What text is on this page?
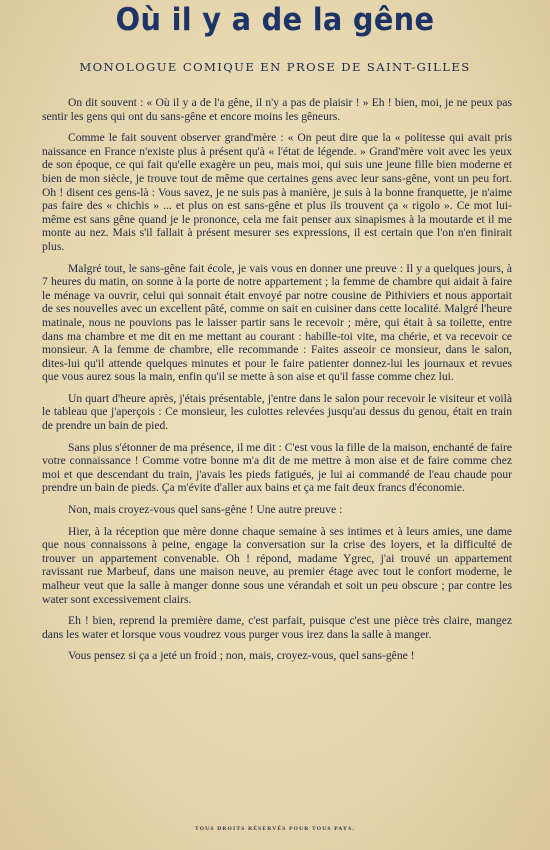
Où il y a de la gêne
MONOLOGUE COMIQUE EN PROSE DE SAINT-GILLES

On dit souvent : « Où il y a de l'a gêne, il n'y a pas de plaisir ! » Eh ! bien, moi, je ne peux pas sentir les gens qui ont du sans-gêne et encore moins les gêneurs.

Comme le fait souvent observer grand'mère : « On peut dire que la « politesse qui avait pris naissance en France n'existe plus à présent qu'à « l'état de légende. » Grand'mère voit avec les yeux de son époque, ce qui fait qu'elle exagère un peu, mais moi, qui suis une jeune fille bien moderne et bien de mon siècle, je trouve tout de même que certaines gens avec leur sans-gêne, vont un peu fort. Oh ! disent ces gens-là : Vous savez, je ne suis pas à manière, je suis à la bonne franquette, je n'aime pas faire des « chichis » ... et plus on est sans-gêne et plus ils trouvent ça « rigolo ». Ce mot lui-même est sans gêne quand je le prononce, cela me fait penser aux sinapismes à la moutarde et il me monte au nez. Mais s'il fallait à présent mesurer ses expressions, il est certain que l'on n'en finirait plus.

Malgré tout, le sans-gêne fait école, je vais vous en donner une preuve : Il y a quelques jours, à 7 heures du matin, on sonne à la porte de notre appartement ; la femme de chambre qui aidait à faire le ménage va ouvrir, celui qui sonnait était envoyé par notre cousine de Pithiviers et nous apportait de ses nouvelles avec un excellent pâté, comme on sait en cuisiner dans cette localité. Malgré l'heure matinale, nous ne pouvions pas le laisser partir sans le recevoir ; mère, qui était à sa toilette, entre dans ma chambre et me dit en me mettant au courant : habille-toi vite, ma chérie, et va recevoir ce monsieur. A la femme de chambre, elle recommande : Faites asseoir ce monsieur, dans le salon, dites-lui qu'il attende quelques minutes et pour le faire patienter donnez-lui les journaux et revues que vous aurez sous la main, enfin qu'il se mette à son aise et qu'il fasse comme chez lui.

Un quart d'heure après, j'étais présentable, j'entre dans le salon pour recevoir le visiteur et voilà le tableau que j'aperçois : Ce monsieur, les culottes relevées jusqu'au dessus du genou, était en train de prendre un bain de pied.

Sans plus s'étonner de ma présence, il me dit : C'est vous la fille de la maison, enchanté de faire votre connaissance ! Comme votre bonne m'a dit de me mettre à mon aise et de faire comme chez moi et que descendant du train, j'avais les pieds fatigués, je lui ai commandé de l'eau chaude pour prendre un bain de pieds. Ça m'évite d'aller aux bains et ça me fait deux francs d'économie.

Non, mais croyez-vous quel sans-gêne ! Une autre preuve :

Hier, à la réception que mère donne chaque semaine à ses intimes et à leurs amies, une dame que nous connaissons à peine, engage la conversation sur la crise des loyers, et la difficulté de trouver un appartement convenable. Oh ! répond, madame Ygrec, j'ai trouvé un appartement ravissant rue Marbeuf, dans une maison neuve, au premier étage avec tout le confort moderne, le malheur veut que la salle à manger donne sous une vérandah et soit un peu obscure ; par contre les water sont excessivement clairs.

Eh ! bien, reprend la première dame, c'est parfait, puisque c'est une pièce très claire, mangez dans les water et lorsque vous voudrez vous purger vous irez dans la salle à manger.

Vous pensez si ça a jeté un froid ; non, mais, croyez-vous, quel sans-gêne !

TOUS DROITS RÉSERVÉS POUR TOUS PAYS.
